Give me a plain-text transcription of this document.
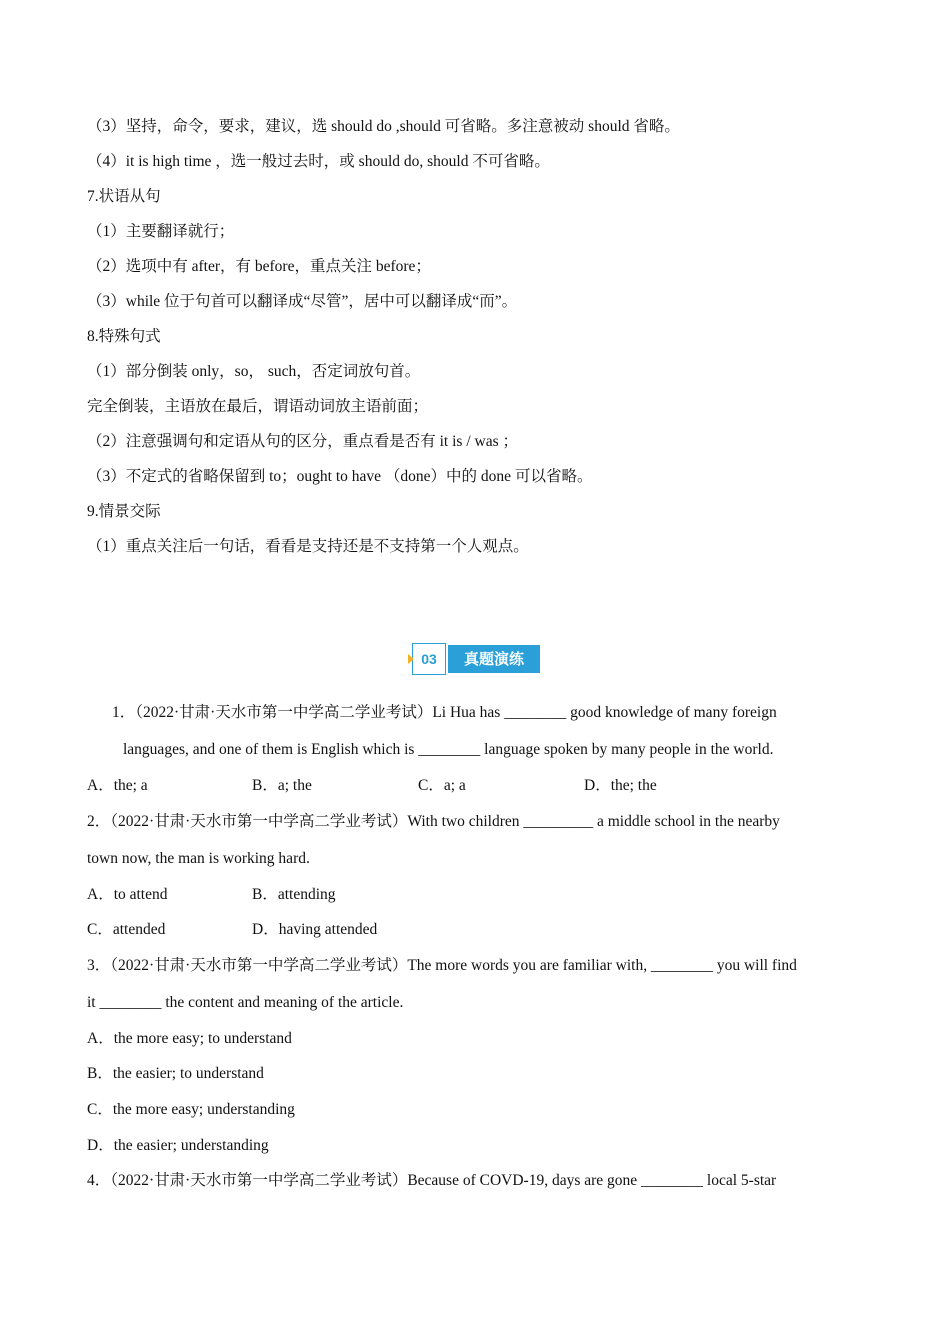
（3）坚持，命令，要求，建议，选 should do ,should 可省略。多注意被动 should 省略。
（4）it is high time ，选一般过去时，或 should do, should 不可省略。
7.状语从句
（1）主要翻译就行；
（2）选项中有 after，有 before，重点关注 before；
（3）while 位于句首可以翻译成“尽管”，居中可以翻译成“而”。
8.特殊句式
（1）部分倒装 only，so， such，否定词放句首。
完全倒装，主语放在最后，谓语动词放主语前面；
（2）注意强调句和定语从句的区分，重点看是否有 it is / was ；
（3）不定式的省略保留到 to；ought to have （done）中的 done 可以省略。
9.情景交际
（1）重点关注后一句话，看看是支持还是不支持第一个人观点。
03	真题演练
1．（2022·甘肃·天水市第一中学高二学业考试）Li Hua has ________ good knowledge of many foreign
languages, and one of them is English which is ________ language spoken by many people in the world.
A．the; a	B．a; the	C．a; a	D．the; the
2．（2022·甘肃·天水市第一中学高二学业考试）With two children _________ a middle school in the nearby
town now, the man is working hard.
A．to attend	B．attending
C．attended	D．having attended
3．（2022·甘肃·天水市第一中学高二学业考试）The more words you are familiar with, ________ you will find
it ________ the content and meaning of the article.
A．the more easy; to understand
B．the easier; to understand
C．the more easy; understanding
D．the easier; understanding
4．（2022·甘肃·天水市第一中学高二学业考试）Because of COVD-19, days are gone ________ local 5-star
